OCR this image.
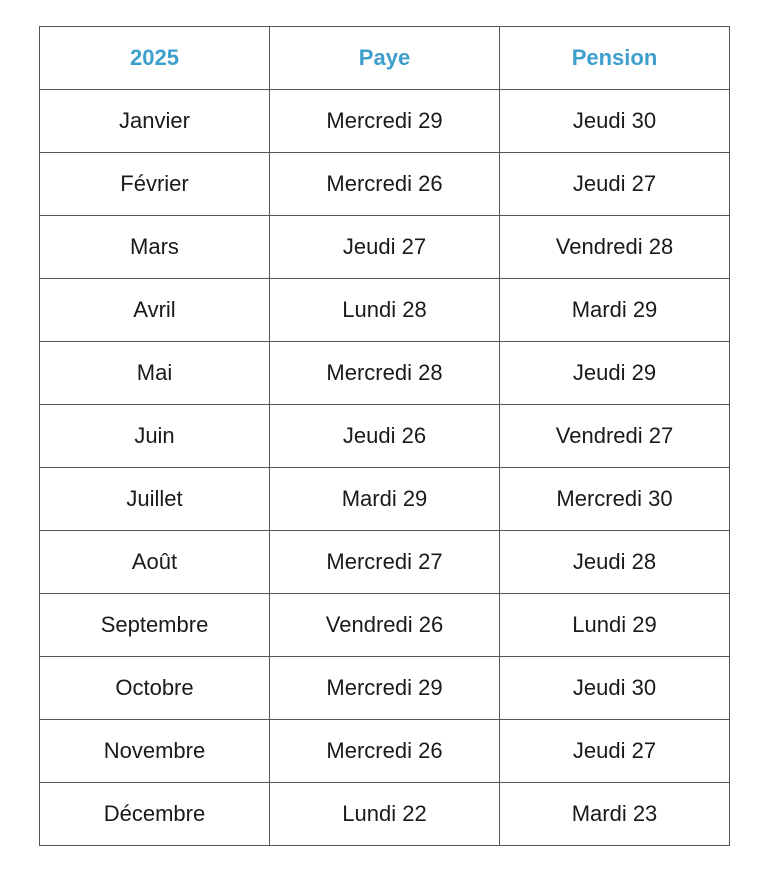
2025	Paye	Pension
Janvier	Mercredi 29	Jeudi 30
Février	Mercredi 26	Jeudi 27
Mars	Jeudi 27	Vendredi 28
Avril	Lundi 28	Mardi 29
Mai	Mercredi 28	Jeudi 29
Juin	Jeudi 26	Vendredi 27
Juillet	Mardi 29	Mercredi 30
Août	Mercredi 27	Jeudi 28
Septembre	Vendredi 26	Lundi 29
Octobre	Mercredi 29	Jeudi 30
Novembre	Mercredi 26	Jeudi 27
Décembre	Lundi 22	Mardi 23
